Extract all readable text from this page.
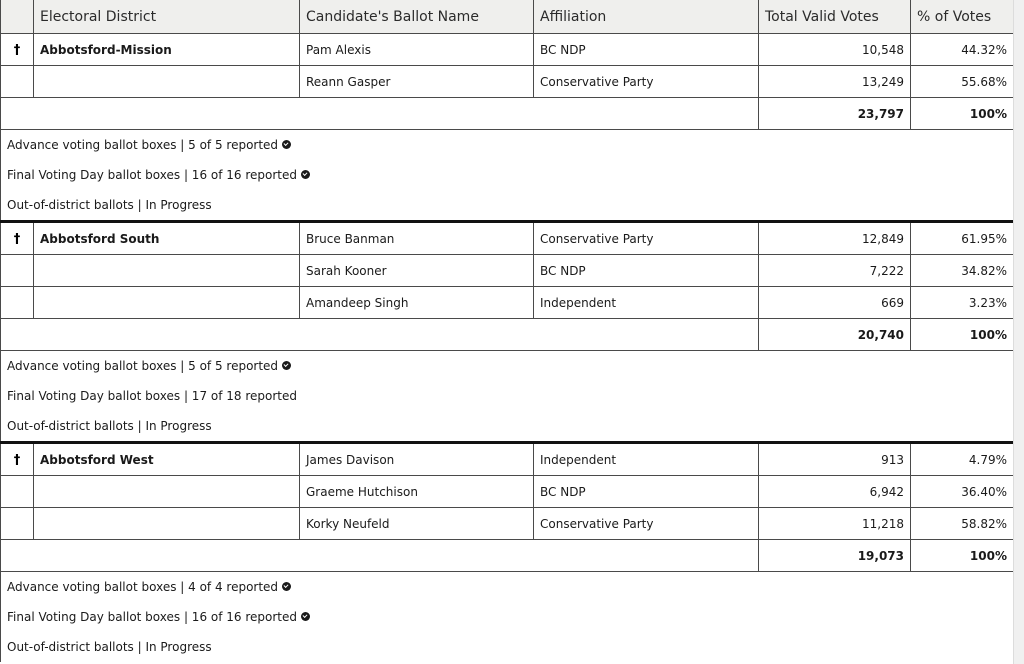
	Electoral District	Candidate's Ballot Name	Affiliation	Total Valid Votes	% of Votes
†	Abbotsford-Mission	Pam Alexis	BC NDP	10,548	44.32%
		Reann Gasper	Conservative Party	13,249	55.68%
				23,797	100%
Advance voting ballot boxes | 5 of 5 reported					
Final Voting Day ballot boxes | 16 of 16 reported					
Out-of-district ballots | In Progress					
†	Abbotsford South	Bruce Banman	Conservative Party	12,849	61.95%
		Sarah Kooner	BC NDP	7,222	34.82%
		Amandeep Singh	Independent	669	3.23%
				20,740	100%
Advance voting ballot boxes | 5 of 5 reported					
Final Voting Day ballot boxes | 17 of 18 reported					
Out-of-district ballots | In Progress					
†	Abbotsford West	James Davison	Independent	913	4.79%
		Graeme Hutchison	BC NDP	6,942	36.40%
		Korky Neufeld	Conservative Party	11,218	58.82%
				19,073	100%
Advance voting ballot boxes | 4 of 4 reported					
Final Voting Day ballot boxes | 16 of 16 reported					
Out-of-district ballots | In Progress					
